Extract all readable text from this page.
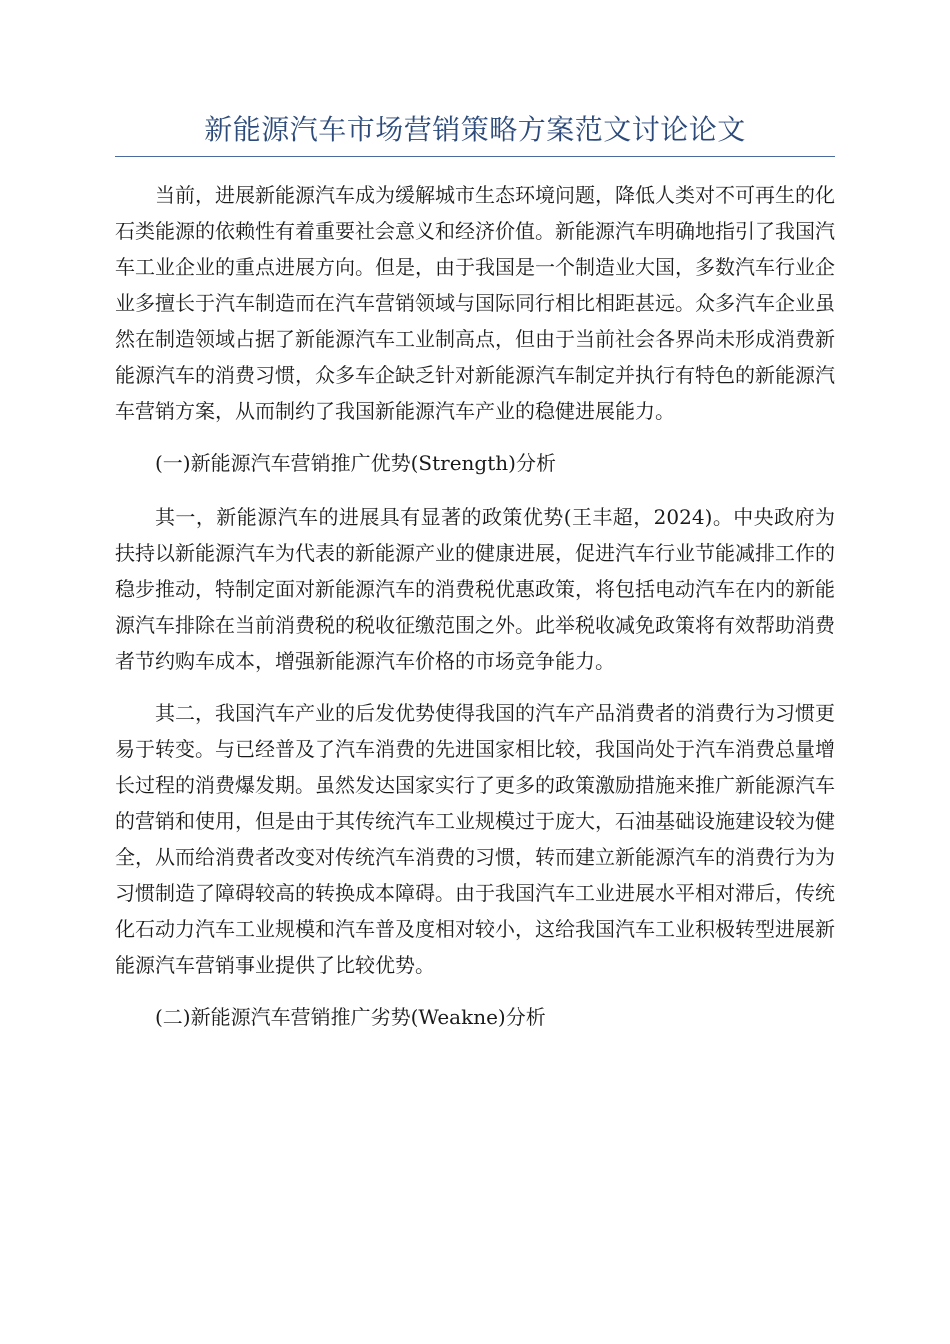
新能源汽车市场营销策略方案范文讨论论文

当前，进展新能源汽车成为缓解城市生态环境问题，降低人类对不可再生的化石类能源的依赖性有着重要社会意义和经济价值。新能源汽车明确地指引了我国汽车工业企业的重点进展方向。但是，由于我国是一个制造业大国，多数汽车行业企业多擅长于汽车制造而在汽车营销领域与国际同行相比相距甚远。众多汽车企业虽然在制造领域占据了新能源汽车工业制高点，但由于当前社会各界尚未形成消费新能源汽车的消费习惯，众多车企缺乏针对新能源汽车制定并执行有特色的新能源汽车营销方案，从而制约了我国新能源汽车产业的稳健进展能力。

(一)新能源汽车营销推广优势(Strength)分析

其一，新能源汽车的进展具有显著的政策优势(王丰超，2024)。中央政府为扶持以新能源汽车为代表的新能源产业的健康进展，促进汽车行业节能减排工作的稳步推动，特制定面对新能源汽车的消费税优惠政策，将包括电动汽车在内的新能源汽车排除在当前消费税的税收征缴范围之外。此举税收减免政策将有效帮助消费者节约购车成本，增强新能源汽车价格的市场竞争能力。

其二，我国汽车产业的后发优势使得我国的汽车产品消费者的消费行为习惯更易于转变。与已经普及了汽车消费的先进国家相比较，我国尚处于汽车消费总量增长过程的消费爆发期。虽然发达国家实行了更多的政策激励措施来推广新能源汽车的营销和使用，但是由于其传统汽车工业规模过于庞大，石油基础设施建设较为健全，从而给消费者改变对传统汽车消费的习惯，转而建立新能源汽车的消费行为为习惯制造了障碍较高的转换成本障碍。由于我国汽车工业进展水平相对滞后，传统化石动力汽车工业规模和汽车普及度相对较小，这给我国汽车工业积极转型进展新能源汽车营销事业提供了比较优势。

(二)新能源汽车营销推广劣势(Weakne)分析
